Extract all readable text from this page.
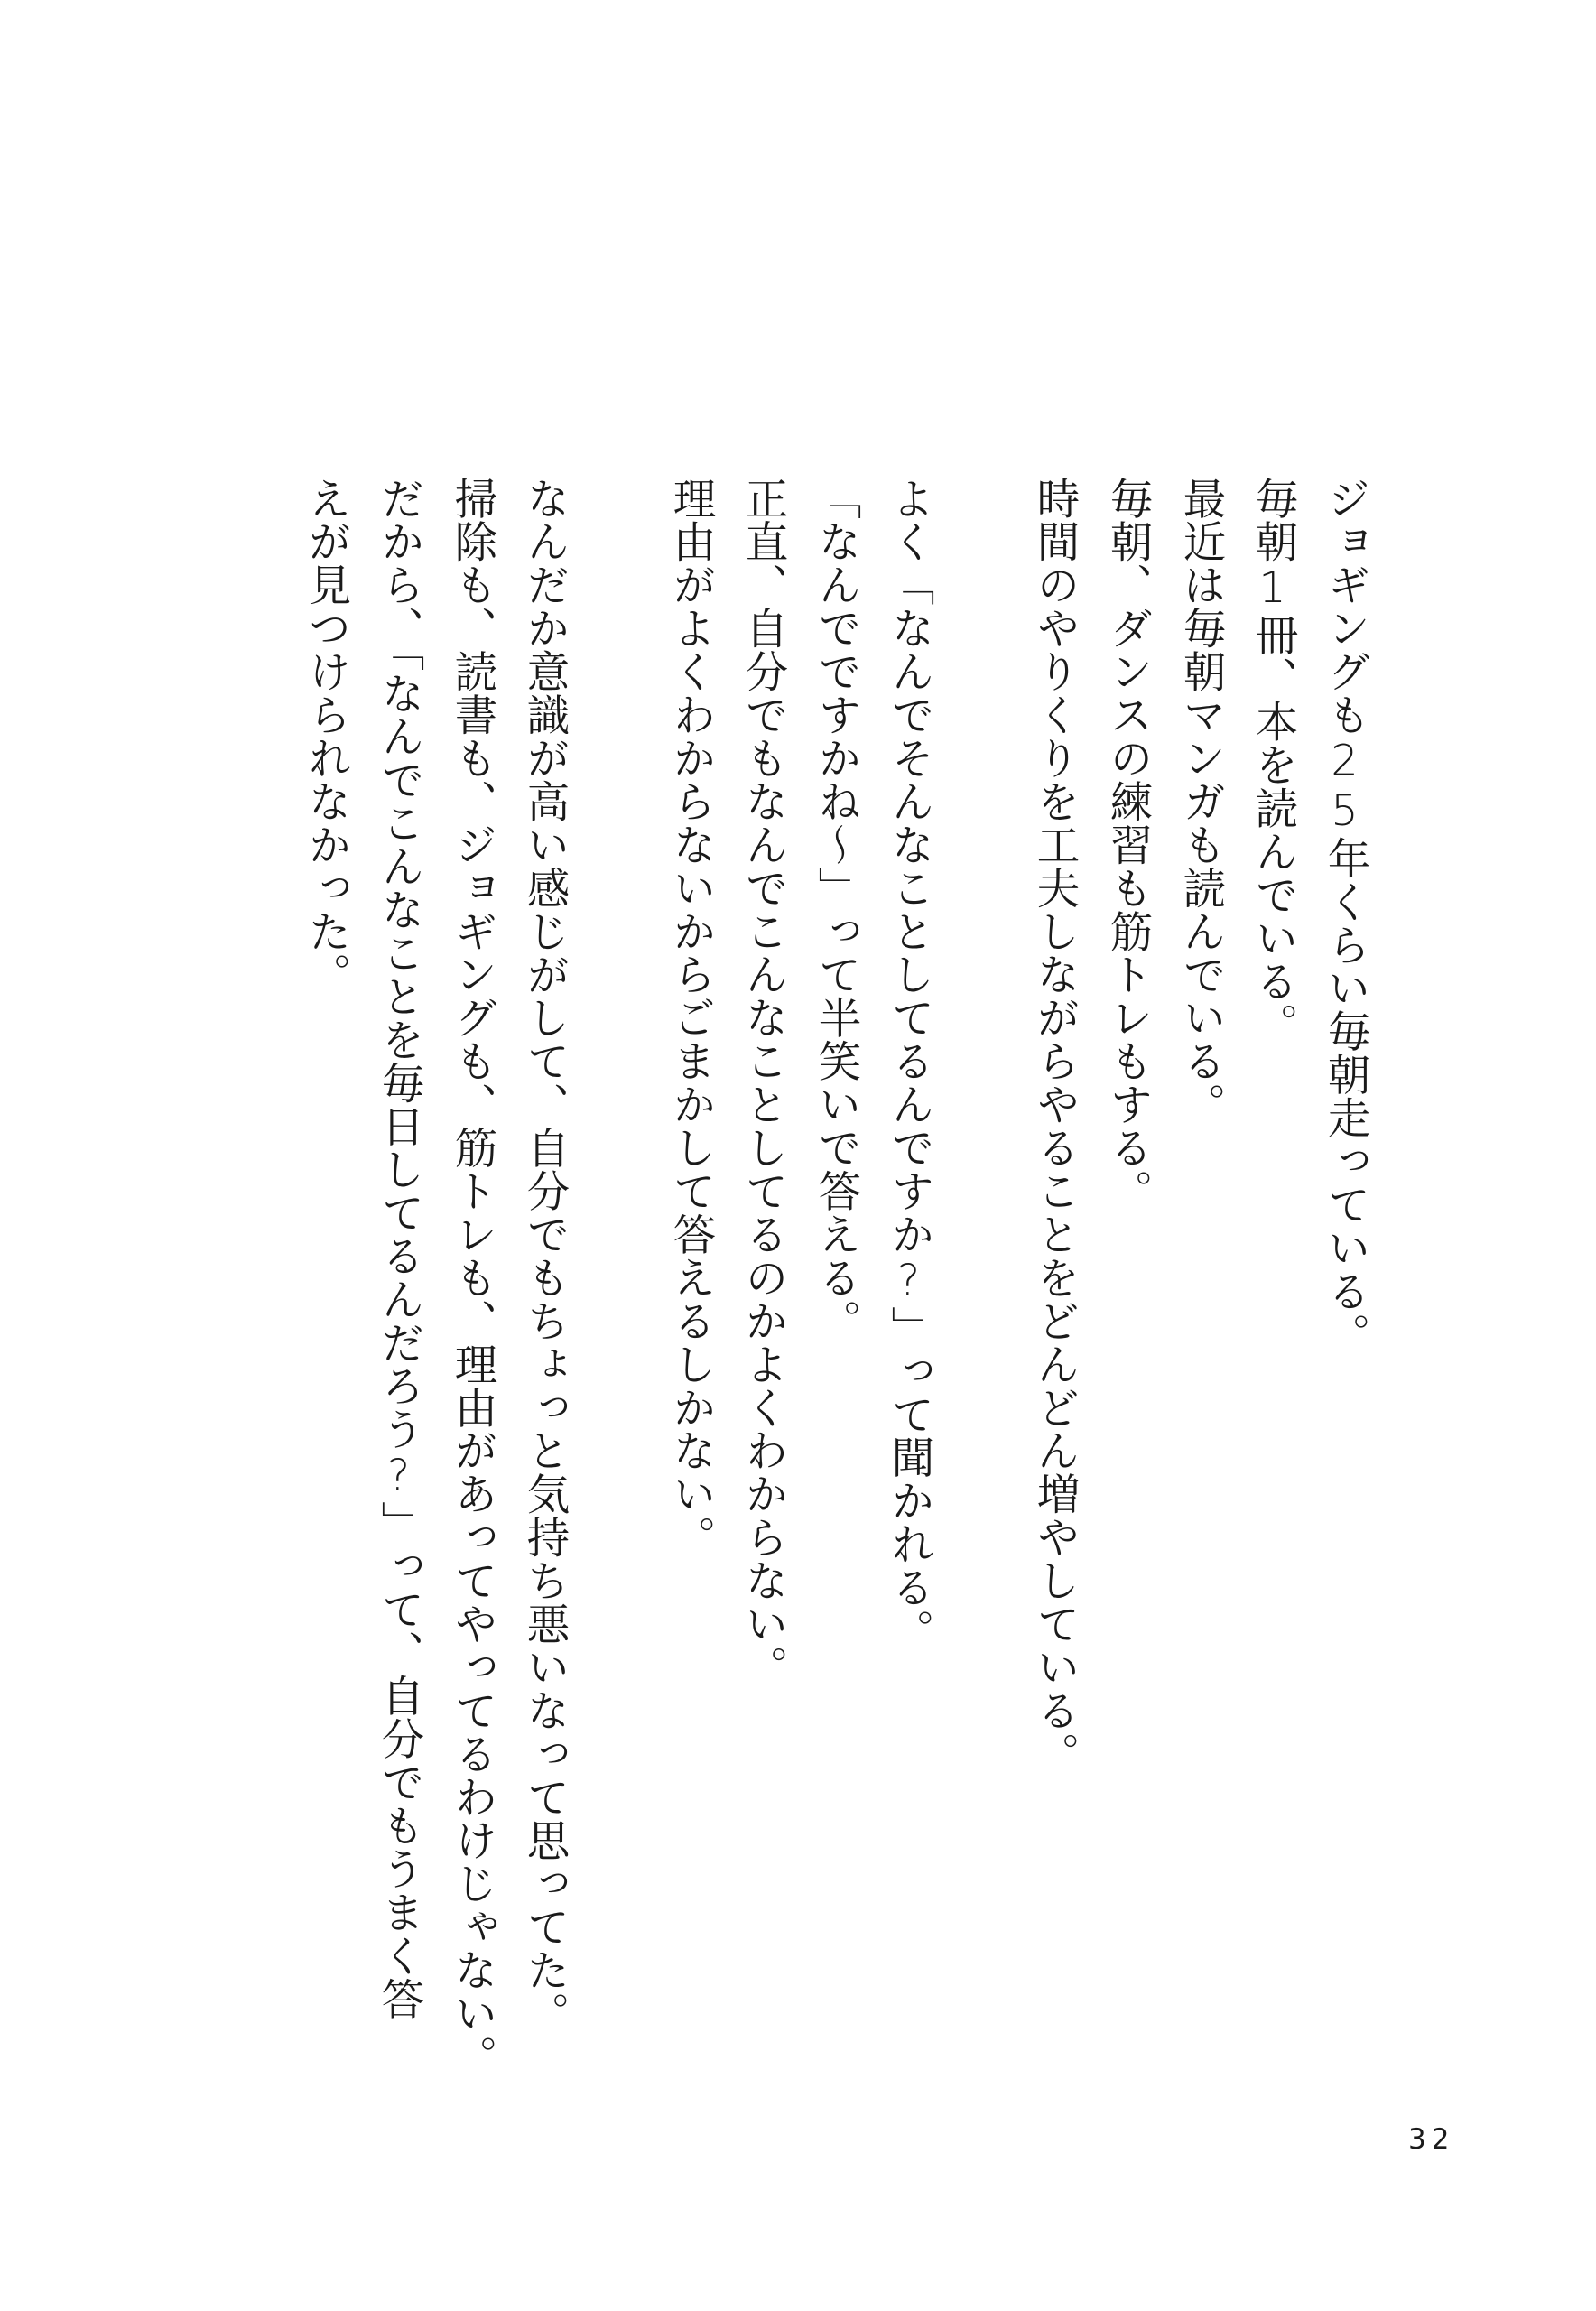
ジョギングも25年くらい毎朝走っている。
毎朝1冊、本を読んでいる。
最近は毎朝マンガも読んでいる。
毎朝、ダンスの練習も筋トレもする。
時間のやりくりを工夫しながらやることをどんどん増やしている。
よく「なんでそんなことしてるんですか?」って聞かれる。
「なんでですかね〜」って半笑いで答える。
正直、自分でもなんでこんなことしてるのかよくわからない。
理由がよくわからないからごまかして答えるしかない。
なんだか意識が高い感じがして、自分でもちょっと気持ち悪いなって思ってた。
掃除も、読書も、ジョギングも、筋トレも、理由があってやってるわけじゃない。
だから、「なんでこんなことを毎日してるんだろう?」って、自分でもうまく答
えが見つけられなかった。
32
